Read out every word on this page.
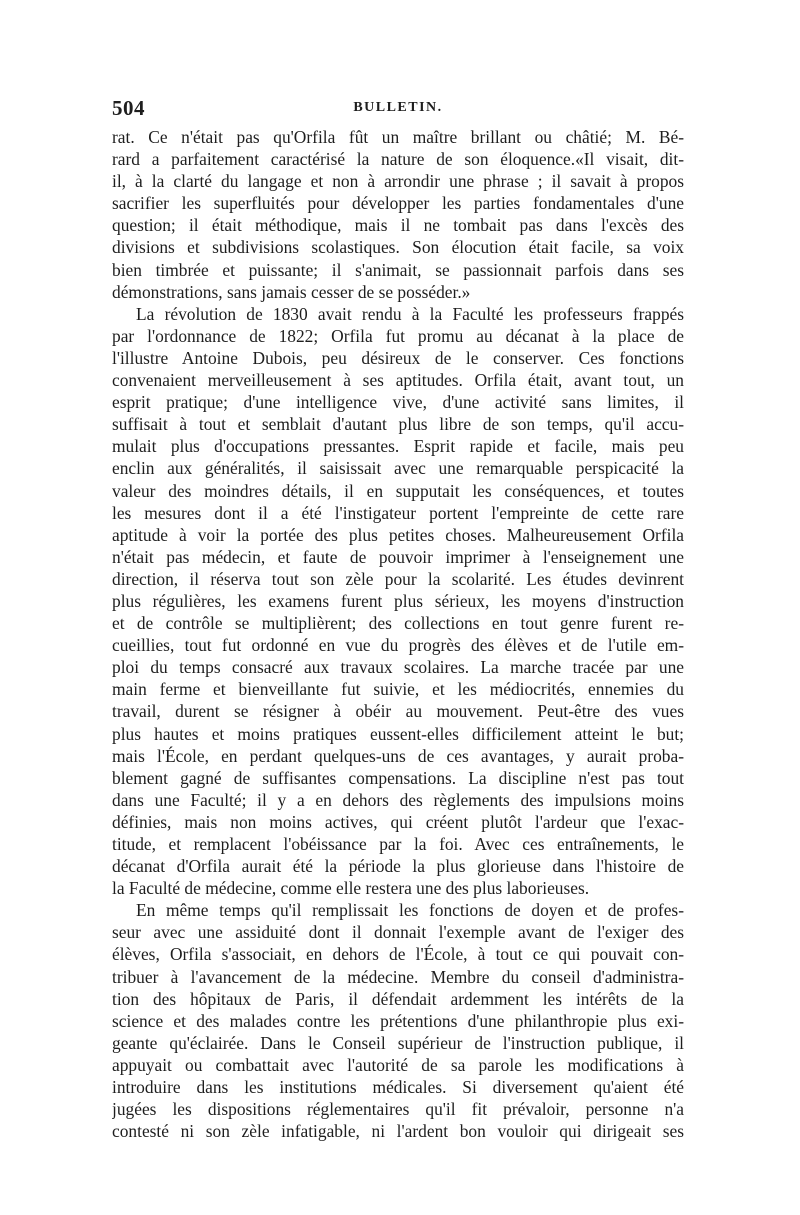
504	BULLETIN.
rat. Ce n'était pas qu'Orfila fût un maître brillant ou châtié; M. Bé-
rard a parfaitement caractérisé la nature de son éloquence.«Il visait, dit-
il, à la clarté du langage et non à arrondir une phrase ; il savait à propos
sacrifier les superfluités pour développer les parties fondamentales d'une
question; il était méthodique, mais il ne tombait pas dans l'excès des
divisions et subdivisions scolastiques. Son élocution était facile, sa voix
bien timbrée et puissante; il s'animait, se passionnait parfois dans ses
démonstrations, sans jamais cesser de se posséder.»
La révolution de 1830 avait rendu à la Faculté les professeurs frappés
par l'ordonnance de 1822; Orfila fut promu au décanat à la place de
l'illustre Antoine Dubois, peu désireux de le conserver. Ces fonctions
convenaient merveilleusement à ses aptitudes. Orfila était, avant tout, un
esprit pratique; d'une intelligence vive, d'une activité sans limites, il
suffisait à tout et semblait d'autant plus libre de son temps, qu'il accu-
mulait plus d'occupations pressantes. Esprit rapide et facile, mais peu
enclin aux généralités, il saisissait avec une remarquable perspicacité la
valeur des moindres détails, il en supputait les conséquences, et toutes
les mesures dont il a été l'instigateur portent l'empreinte de cette rare
aptitude à voir la portée des plus petites choses. Malheureusement Orfila
n'était pas médecin, et faute de pouvoir imprimer à l'enseignement une
direction, il réserva tout son zèle pour la scolarité. Les études devinrent
plus régulières, les examens furent plus sérieux, les moyens d'instruction
et de contrôle se multiplièrent; des collections en tout genre furent re-
cueillies, tout fut ordonné en vue du progrès des élèves et de l'utile em-
ploi du temps consacré aux travaux scolaires. La marche tracée par une
main ferme et bienveillante fut suivie, et les médiocrités, ennemies du
travail, durent se résigner à obéir au mouvement. Peut-être des vues
plus hautes et moins pratiques eussent-elles difficilement atteint le but;
mais l'École, en perdant quelques-uns de ces avantages, y aurait proba-
blement gagné de suffisantes compensations. La discipline n'est pas tout
dans une Faculté; il y a en dehors des règlements des impulsions moins
définies, mais non moins actives, qui créent plutôt l'ardeur que l'exac-
titude, et remplacent l'obéissance par la foi. Avec ces entraînements, le
décanat d'Orfila aurait été la période la plus glorieuse dans l'histoire de
la Faculté de médecine, comme elle restera une des plus laborieuses.
En même temps qu'il remplissait les fonctions de doyen et de profes-
seur avec une assiduité dont il donnait l'exemple avant de l'exiger des
élèves, Orfila s'associait, en dehors de l'École, à tout ce qui pouvait con-
tribuer à l'avancement de la médecine. Membre du conseil d'administra-
tion des hôpitaux de Paris, il défendait ardemment les intérêts de la
science et des malades contre les prétentions d'une philanthropie plus exi-
geante qu'éclairée. Dans le Conseil supérieur de l'instruction publique, il
appuyait ou combattait avec l'autorité de sa parole les modifications à
introduire dans les institutions médicales. Si diversement qu'aient été
jugées les dispositions réglementaires qu'il fit prévaloir, personne n'a
contesté ni son zèle infatigable, ni l'ardent bon vouloir qui dirigeait ses
